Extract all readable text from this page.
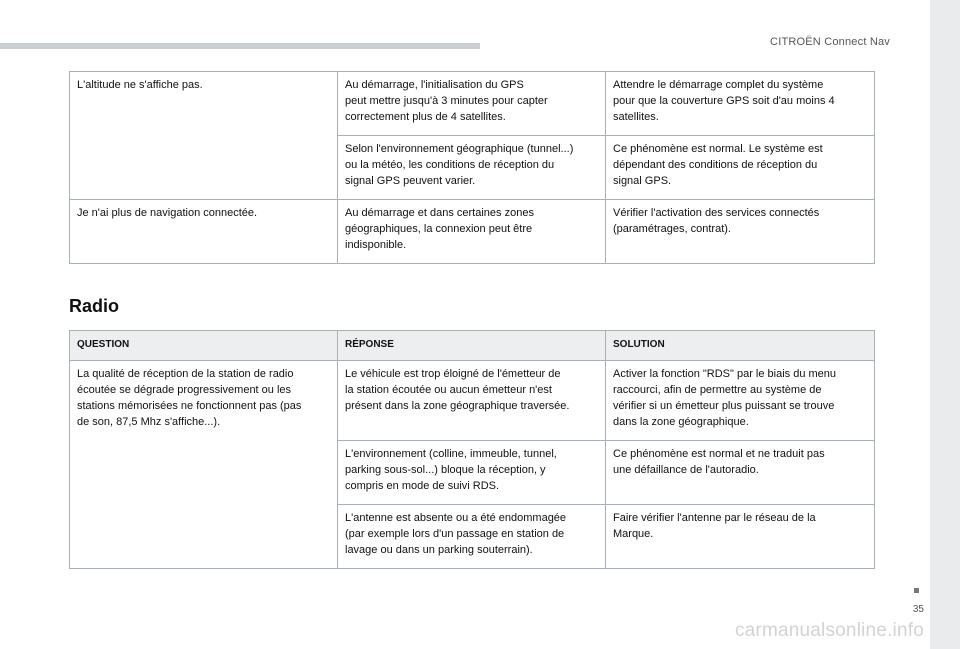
CITROËN Connect Nav
L'altitude ne s'affiche pas.	Au démarrage, l'initialisation du GPS
peut mettre jusqu'à 3 minutes pour capter
correctement plus de 4 satellites.	Attendre le démarrage complet du système
pour que la couverture GPS soit d'au moins 4
satellites.
	Selon l'environnement géographique (tunnel...)
ou la météo, les conditions de réception du
signal GPS peuvent varier.	Ce phénomène est normal. Le système est
dépendant des conditions de réception du
signal GPS.
Je n'ai plus de navigation connectée.	Au démarrage et dans certaines zones
géographiques, la connexion peut être
indisponible.	Vérifier l'activation des services connectés
(paramétrages, contrat).
Radio
QUESTION	RÉPONSE	SOLUTION
La qualité de réception de la station de radio
écoutée se dégrade progressivement ou les
stations mémorisées ne fonctionnent pas (pas
de son, 87,5 Mhz s'affiche...).	Le véhicule est trop éloigné de l'émetteur de
la station écoutée ou aucun émetteur n'est
présent dans la zone géographique traversée.	Activer la fonction "RDS" par le biais du menu
raccourci, afin de permettre au système de
vérifier si un émetteur plus puissant se trouve
dans la zone géographique.
	L'environnement (colline, immeuble, tunnel,
parking sous-sol...) bloque la réception, y
compris en mode de suivi RDS.	Ce phénomène est normal et ne traduit pas
une défaillance de l'autoradio.
	L'antenne est absente ou a été endommagée
(par exemple lors d'un passage en station de
lavage ou dans un parking souterrain).	Faire vérifier l'antenne par le réseau de la
Marque.
35
carmanualsonline.info
